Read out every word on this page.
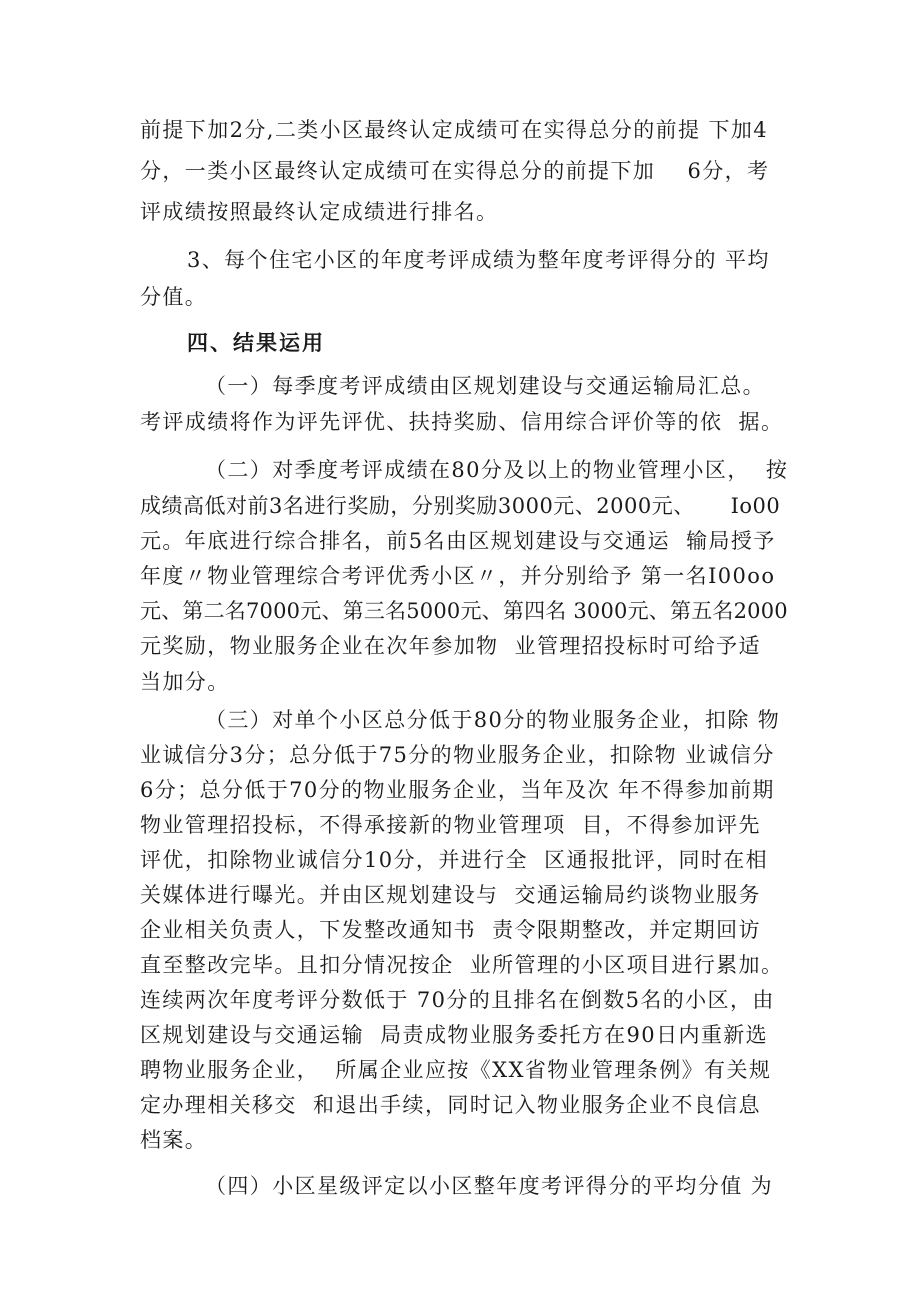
前提下加2分,二类小区最终认定成绩可在实得总分的前提 下加4
分，一类小区最终认定成绩可在实得总分的前提下加    6分，考
评成绩按照最终认定成绩进行排名。
3、每个住宅小区的年度考评成绩为整年度考评得分的 平均
分值。
四、结果运用
（一）每季度考评成绩由区规划建设与交通运输局汇总。
考评成绩将作为评先评优、扶持奖励、信用综合评价等的依  据。
（二）对季度考评成绩在80分及以上的物业管理小区，  按
成绩高低对前3名进行奖励，分别奖励3000元、2000元、     Io00
元。年底进行综合排名，前5名由区规划建设与交通运  输局授予
年度〃物业管理综合考评优秀小区〃，并分别给予 第一名I00oo
元、第二名7000元、第三名5000元、第四名 3000元、第五名2000
元奖励，物业服务企业在次年参加物  业管理招投标时可给予适
当加分。
（三）对单个小区总分低于80分的物业服务企业，扣除 物
业诚信分3分；总分低于75分的物业服务企业，扣除物 业诚信分
6分；总分低于70分的物业服务企业，当年及次 年不得参加前期
物业管理招投标，不得承接新的物业管理项  目，不得参加评先
评优，扣除物业诚信分10分，并进行全  区通报批评，同时在相
关媒体进行曝光。并由区规划建设与  交通运输局约谈物业服务
企业相关负责人，下发整改通知书  责令限期整改，并定期回访
直至整改完毕。且扣分情况按企  业所管理的小区项目进行累加。
连续两次年度考评分数低于 70分的且排名在倒数5名的小区，由
区规划建设与交通运输  局责成物业服务委托方在90日内重新选
聘物业服务企业，  所属企业应按《XX省物业管理条例》有关规
定办理相关移交  和退出手续，同时记入物业服务企业不良信息
档案。
（四）小区星级评定以小区整年度考评得分的平均分值 为
